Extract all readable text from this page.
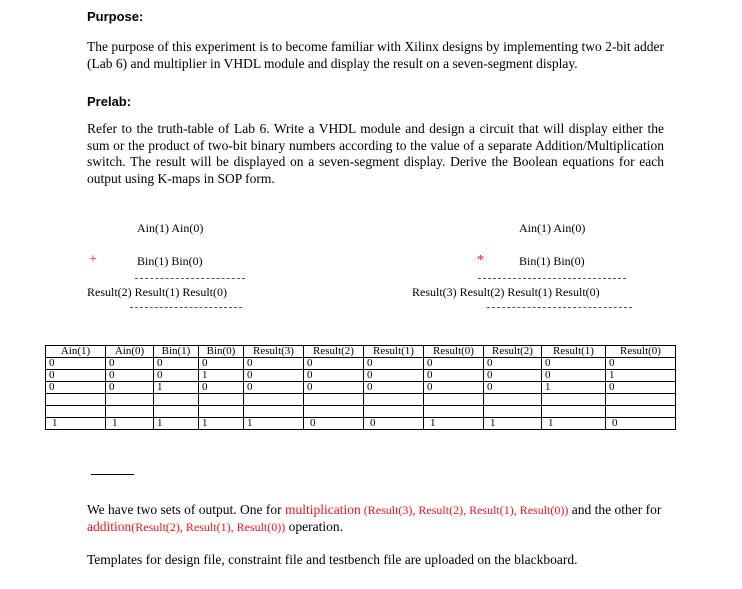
Purpose:
The purpose of this experiment is to become familiar with Xilinx designs by implementing two 2-bit adder (Lab 6) and multiplier in VHDL module and display the result on a seven-segment display.
Prelab:
Refer to the truth-table of Lab 6. Write a VHDL module and design a circuit that will display either the sum or the product of two-bit binary numbers according to the value of a separate Addition/Multiplication switch. The result will be displayed on a seven-segment display. Derive the Boolean equations for each output using K-maps in SOP form.
Ain(1) Ain(0)
+	Bin(1) Bin(0)
Result(2) Result(1) Result(0)
Ain(1) Ain(0)
*	Bin(1) Bin(0)
Result(3) Result(2) Result(1) Result(0)
Ain(1)	Ain(0)	Bin(1)	Bin(0)	Result(3)	Result(2)	Result(1)	Result(0)	Result(2)	Result(1)	Result(0)
0	0	0	0	0	0	0	0	0	0	0
0	0	0	1	0	0	0	0	0	0	1
0	0	1	0	0	0	0	0	0	1	0

1	1	1	1	1	0	0	1	1	1	0
We have two sets of output. One for multiplication (Result(3), Result(2), Result(1), Result(0)) and the other for addition(Result(2), Result(1), Result(0)) operation.
Templates for design file, constraint file and testbench file are uploaded on the blackboard.
